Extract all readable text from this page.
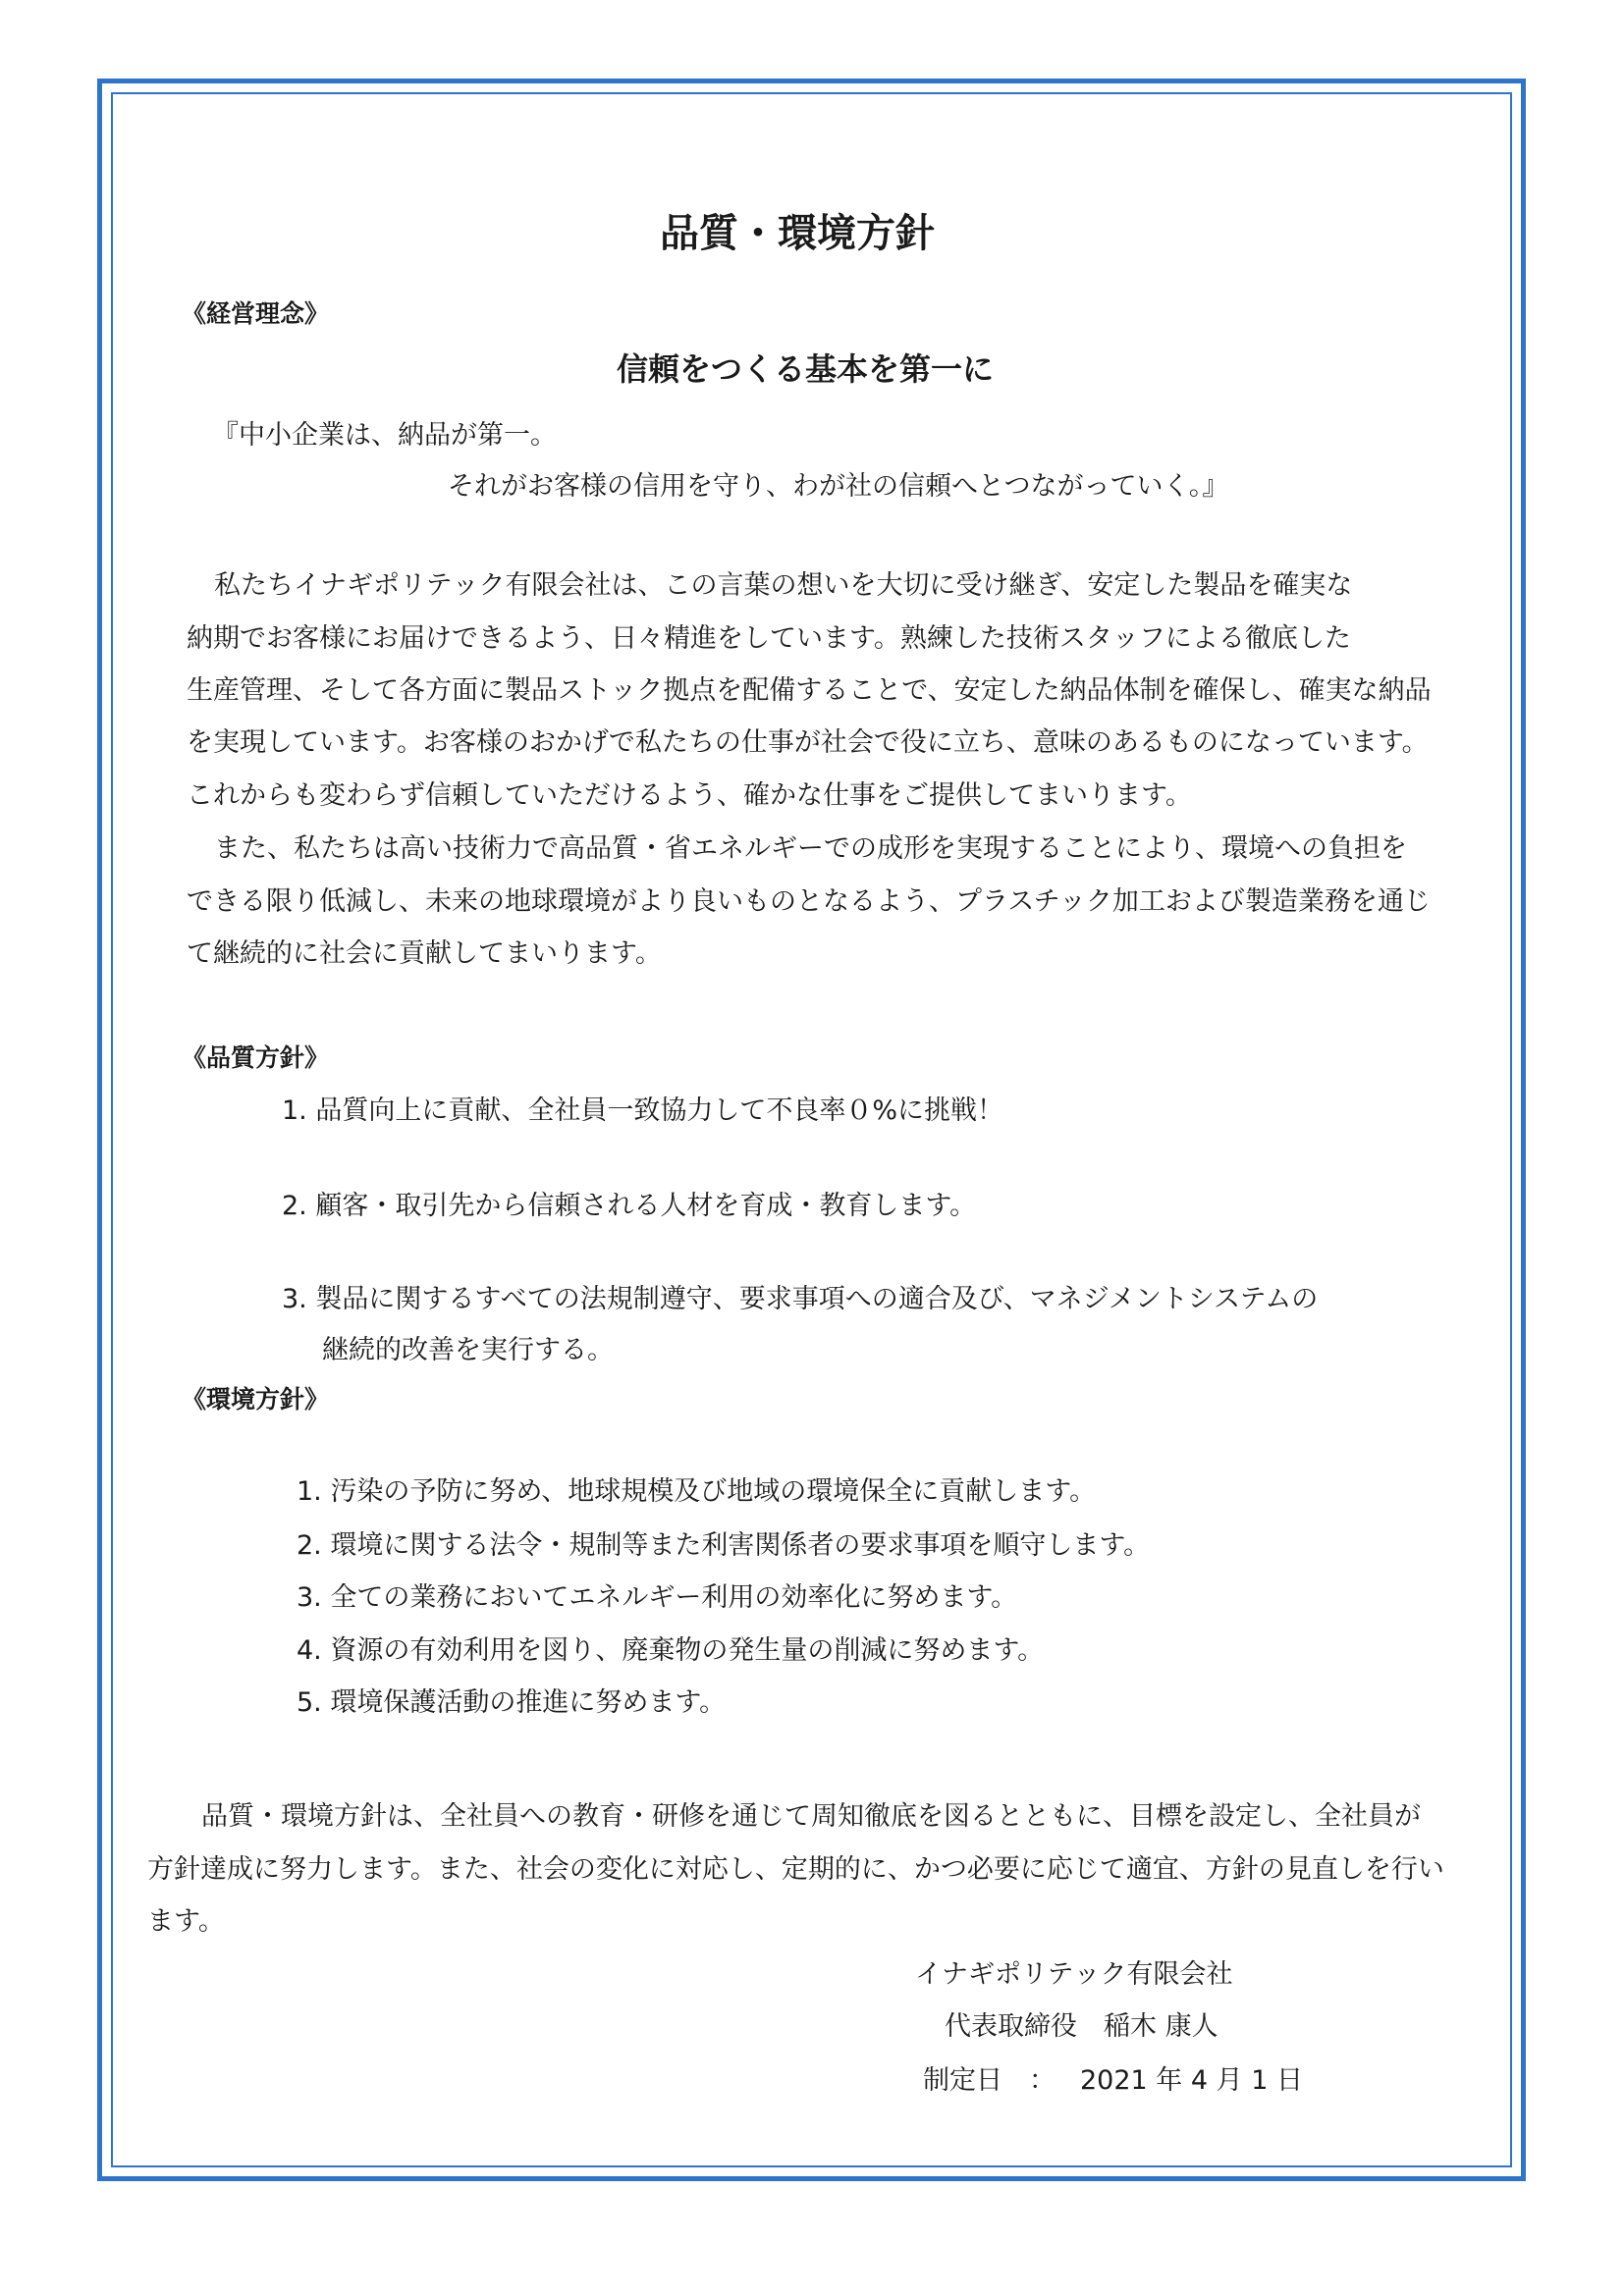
品質・環境方針
《経営理念》
信頼をつくる基本を第一に
『中小企業は、納品が第一。
それがお客様の信用を守り、わが社の信頼へとつながっていく。』
私たちイナギポリテック有限会社は、この言葉の想いを大切に受け継ぎ、安定した製品を確実な
納期でお客様にお届けできるよう、日々精進をしています。熟練した技術スタッフによる徹底した
生産管理、そして各方面に製品ストック拠点を配備することで、安定した納品体制を確保し、確実な納品
を実現しています。お客様のおかげで私たちの仕事が社会で役に立ち、意味のあるものになっています。
これからも変わらず信頼していただけるよう、確かな仕事をご提供してまいります。
また、私たちは高い技術力で高品質・省エネルギーでの成形を実現することにより、環境への負担を
できる限り低減し、未来の地球環境がより良いものとなるよう、プラスチック加工および製造業務を通じ
て継続的に社会に貢献してまいります。
《品質方針》
1. 品質向上に貢献、全社員一致協力して不良率０%に挑戦！
2. 顧客・取引先から信頼される人材を育成・教育します。
3. 製品に関するすべての法規制遵守、要求事項への適合及び、マネジメントシステムの
継続的改善を実行する。
《環境方針》
1. 汚染の予防に努め、地球規模及び地域の環境保全に貢献します。
2. 環境に関する法令・規制等また利害関係者の要求事項を順守します。
3. 全ての業務においてエネルギー利用の効率化に努めます。
4. 資源の有効利用を図り、廃棄物の発生量の削減に努めます。
5. 環境保護活動の推進に努めます。
品質・環境方針は、全社員への教育・研修を通じて周知徹底を図るとともに、目標を設定し、全社員が
方針達成に努力します。また、社会の変化に対応し、定期的に、かつ必要に応じて適宜、方針の見直しを行い
ます。
イナギポリテック有限会社
代表取締役　稲木 康人
制定日　： 2021 年 4 月 1 日
